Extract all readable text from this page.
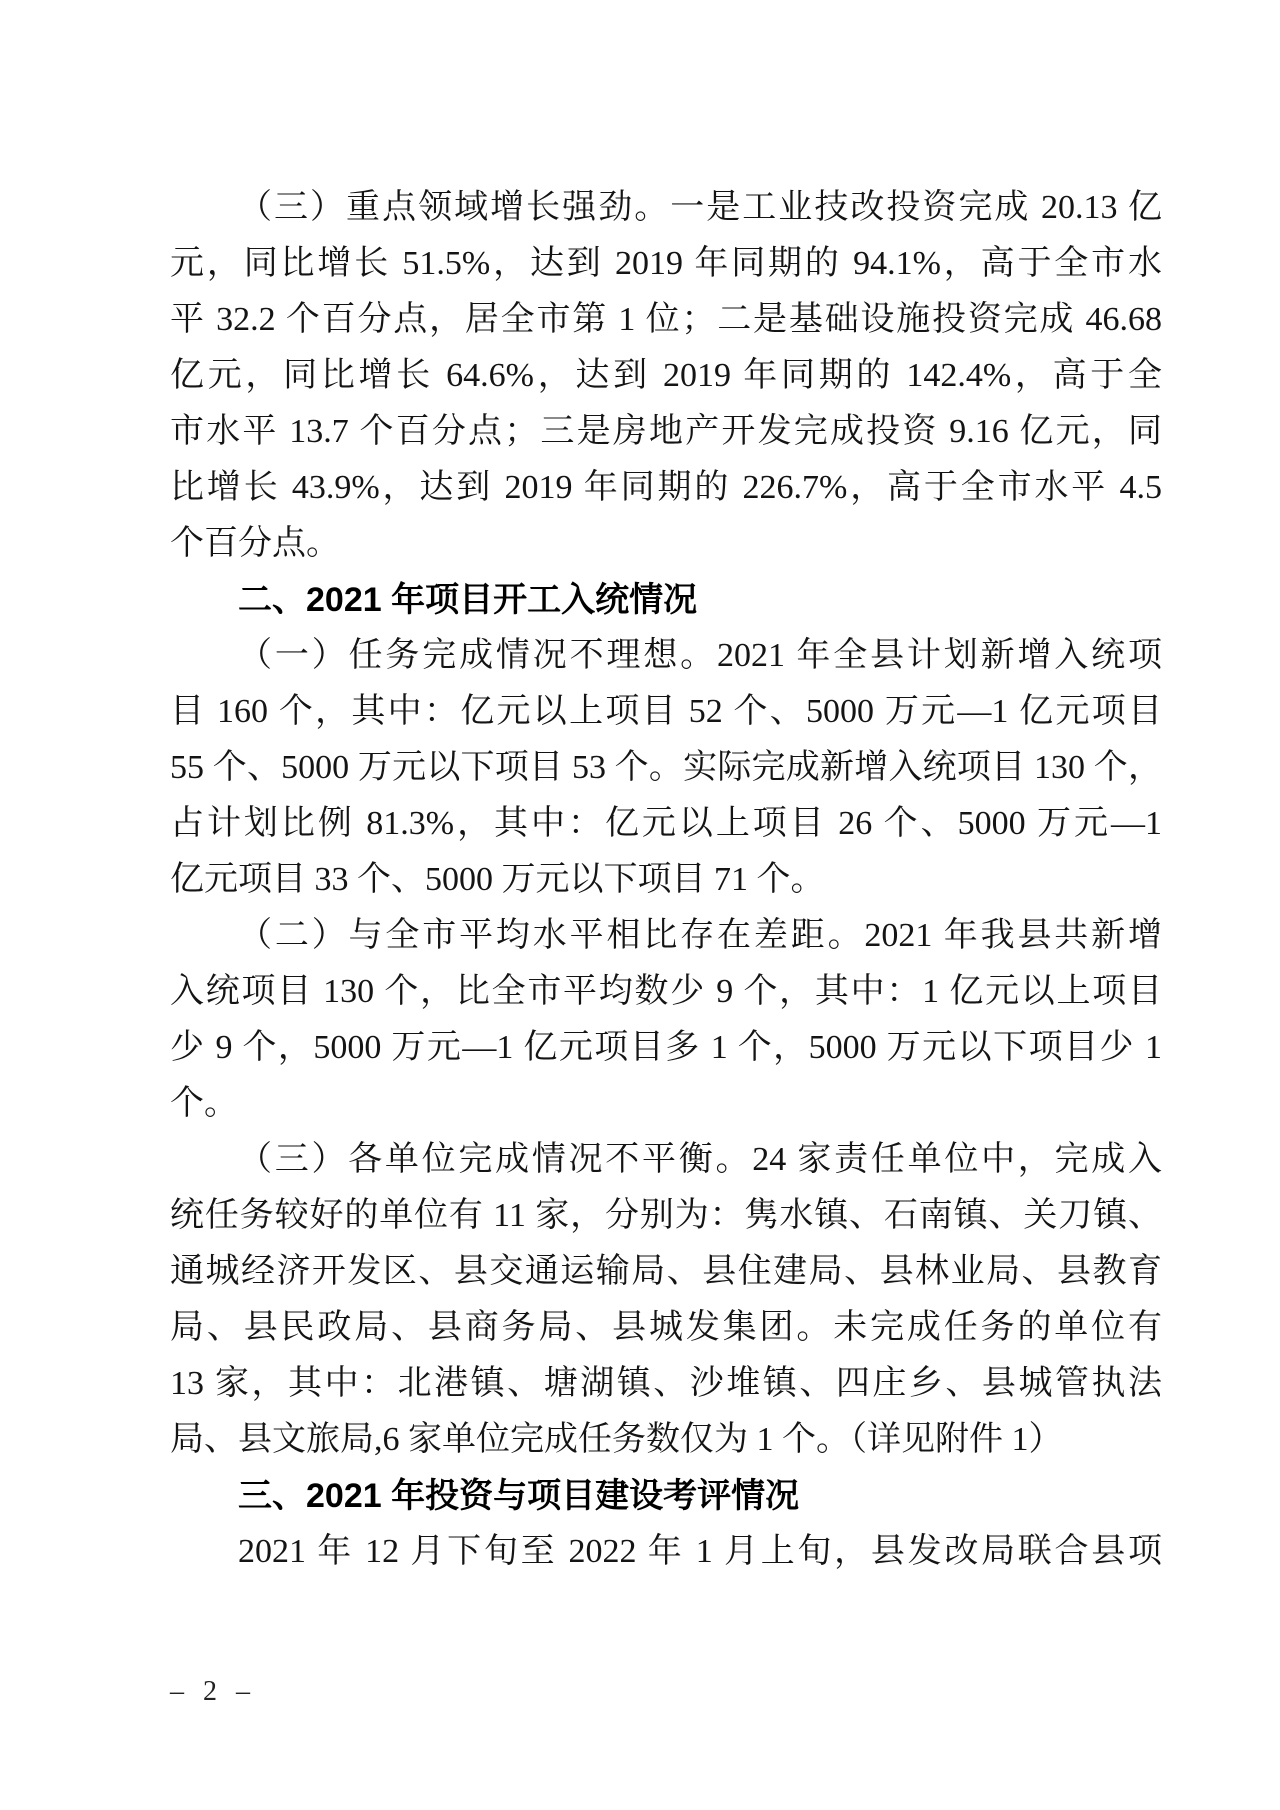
（三）重点领域增长强劲。一是工业技改投资完成 20.13 亿
元，同比增长 51.5%，达到 2019 年同期的 94.1%，高于全市水
平 32.2 个百分点，居全市第 1 位；二是基础设施投资完成 46.68
亿元，同比增长 64.6%，达到 2019 年同期的 142.4%，高于全
市水平 13.7 个百分点；三是房地产开发完成投资 9.16 亿元，同
比增长 43.9%，达到 2019 年同期的 226.7%，高于全市水平 4.5
个百分点。
二、2021 年项目开工入统情况
（一）任务完成情况不理想。2021 年全县计划新增入统项
目 160 个，其中：亿元以上项目 52 个、5000 万元—1 亿元项目
55 个、5000 万元以下项目 53 个。实际完成新增入统项目 130 个，
占计划比例 81.3%，其中：亿元以上项目 26 个、5000 万元—1
亿元项目 33 个、5000 万元以下项目 71 个。
（二）与全市平均水平相比存在差距。2021 年我县共新增
入统项目 130 个，比全市平均数少 9 个，其中：1 亿元以上项目
少 9 个，5000 万元—1 亿元项目多 1 个，5000 万元以下项目少 1
个。
（三）各单位完成情况不平衡。24 家责任单位中，完成入
统任务较好的单位有 11 家，分别为：隽水镇、石南镇、关刀镇、
通城经济开发区、县交通运输局、县住建局、县林业局、县教育
局、县民政局、县商务局、县城发集团。未完成任务的单位有
13 家，其中：北港镇、塘湖镇、沙堆镇、四庄乡、县城管执法
局、县文旅局,6 家单位完成任务数仅为 1 个。（详见附件 1）
三、2021 年投资与项目建设考评情况
2021 年 12 月下旬至 2022 年 1 月上旬，县发改局联合县项
– 2 –
